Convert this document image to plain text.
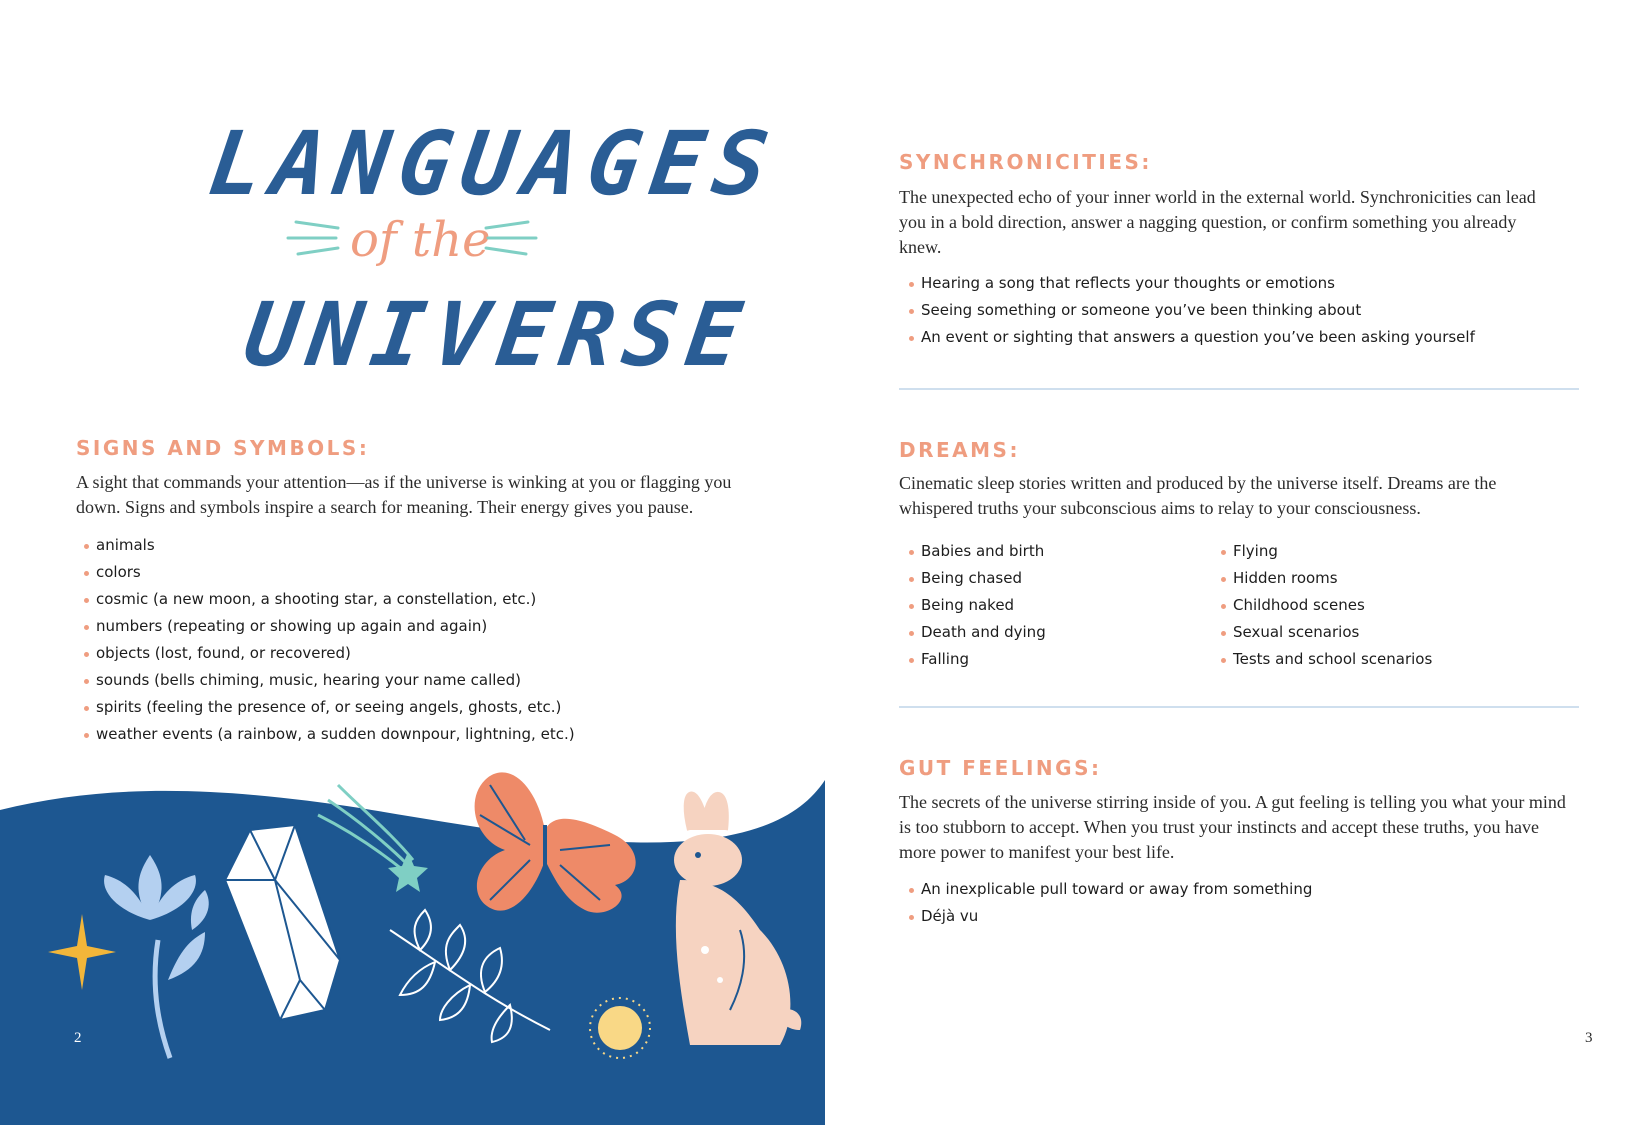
LANGUAGES
of the
UNIVERSE
SIGNS AND SYMBOLS:

A sight that commands your attention—as if the universe is winking at you or flagging you down. Signs and symbols inspire a search for meaning. Their energy gives you pause.

animals
colors
cosmic (a new moon, a shooting star, a constellation, etc.)
numbers (repeating or showing up again and again)
objects (lost, found, or recovered)
sounds (bells chiming, music, hearing your name called)
spirits (feeling the presence of, or seeing angels, ghosts, etc.)
weather events (a rainbow, a sudden downpour, lightning, etc.)
2
SYNCHRONICITIES:

The unexpected echo of your inner world in the external world. Synchronicities can lead you in a bold direction, answer a nagging question, or confirm something you already knew.

Hearing a song that reflects your thoughts or emotions
Seeing something or someone you’ve been thinking about
An event or sighting that answers a question you’ve been asking yourself
DREAMS:

Cinematic sleep stories written and produced by the universe itself. Dreams are the whispered truths your subconscious aims to relay to your consciousness.

Babies and birth
Being chased
Being naked
Death and dying
Falling
Flying
Hidden rooms
Childhood scenes
Sexual scenarios
Tests and school scenarios
GUT FEELINGS:

The secrets of the universe stirring inside of you. A gut feeling is telling you what your mind is too stubborn to accept. When you trust your instincts and accept these truths, you have more power to manifest your best life.

An inexplicable pull toward or away from something
Déjà vu
3
